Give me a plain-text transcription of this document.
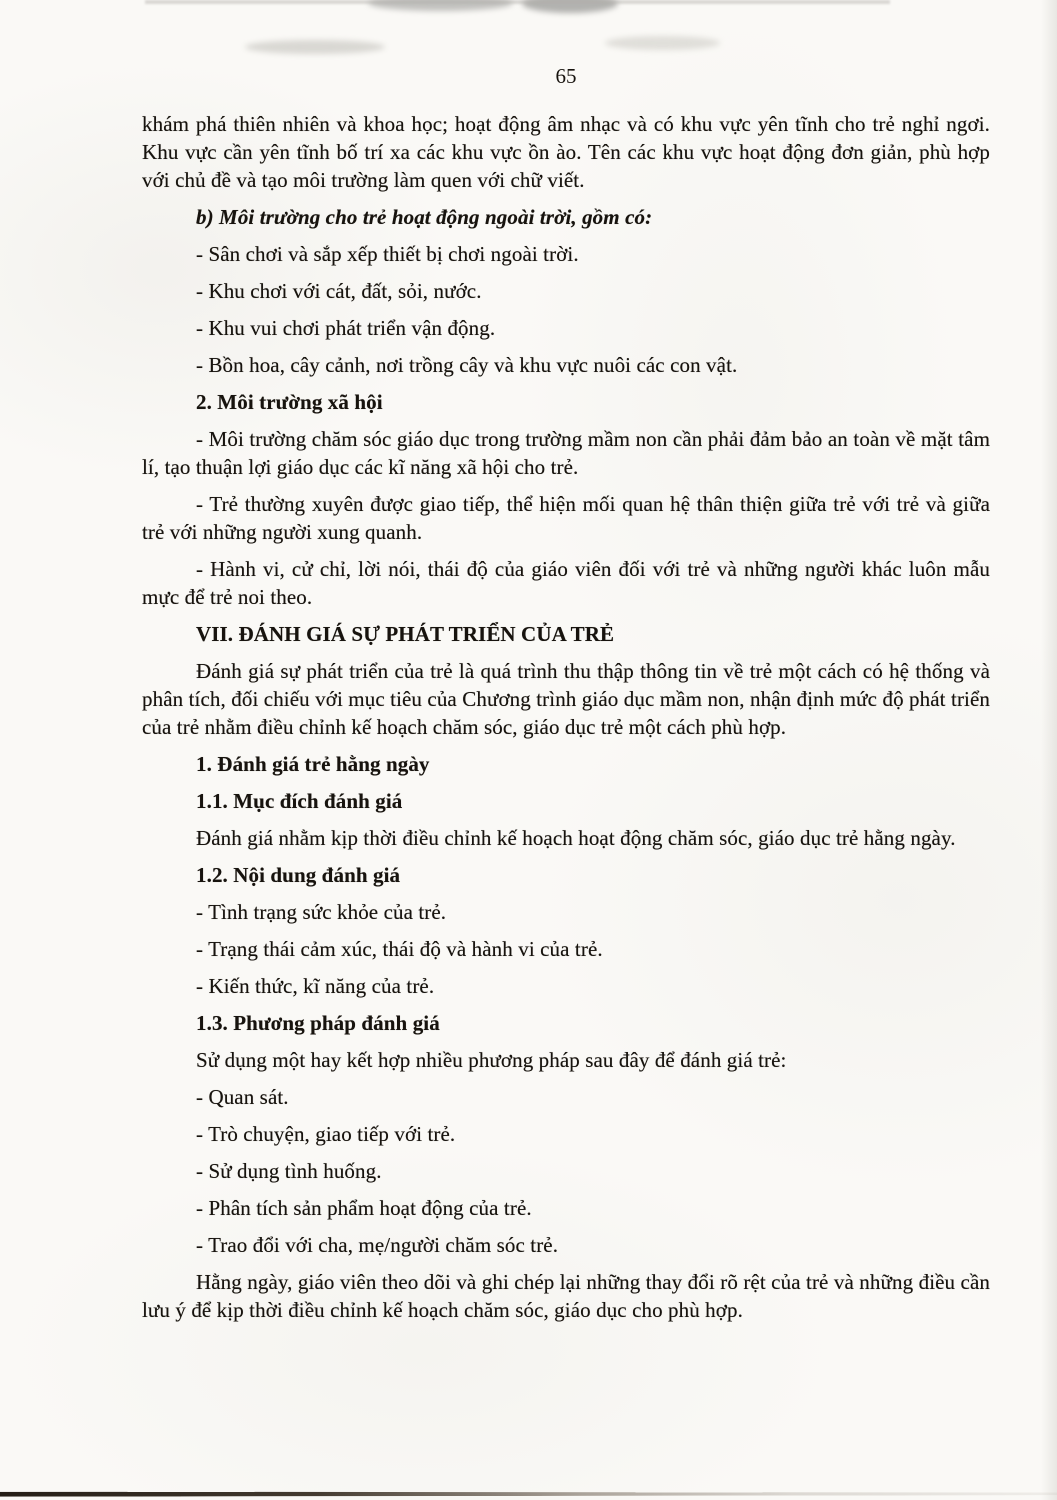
65
khám phá thiên nhiên và khoa học; hoạt động âm nhạc và có khu vực yên tĩnh cho trẻ nghỉ ngơi. Khu vực cần yên tĩnh bố trí xa các khu vực ồn ào. Tên các khu vực hoạt động đơn giản, phù hợp với chủ đề và tạo môi trường làm quen với chữ viết.
b) Môi trường cho trẻ hoạt động ngoài trời, gồm có:
- Sân chơi và sắp xếp thiết bị chơi ngoài trời.
- Khu chơi với cát, đất, sỏi, nước.
- Khu vui chơi phát triển vận động.
- Bồn hoa, cây cảnh, nơi trồng cây và khu vực nuôi các con vật.
2. Môi trường xã hội
- Môi trường chăm sóc giáo dục trong trường mầm non cần phải đảm bảo an toàn về mặt tâm lí, tạo thuận lợi giáo dục các kĩ năng xã hội cho trẻ.
- Trẻ thường xuyên được giao tiếp, thể hiện mối quan hệ thân thiện giữa trẻ với trẻ và giữa trẻ với những người xung quanh.
- Hành vi, cử chỉ, lời nói, thái độ của giáo viên đối với trẻ và những người khác luôn mẫu mực để trẻ noi theo.
VII. ĐÁNH GIÁ SỰ PHÁT TRIỂN CỦA TRẺ
Đánh giá sự phát triển của trẻ là quá trình thu thập thông tin về trẻ một cách có hệ thống và phân tích, đối chiếu với mục tiêu của Chương trình giáo dục mầm non, nhận định mức độ phát triển của trẻ nhằm điều chỉnh kế hoạch chăm sóc, giáo dục trẻ một cách phù hợp.
1. Đánh giá trẻ hằng ngày
1.1. Mục đích đánh giá
Đánh giá nhằm kịp thời điều chỉnh kế hoạch hoạt động chăm sóc, giáo dục trẻ hằng ngày.
1.2. Nội dung đánh giá
- Tình trạng sức khỏe của trẻ.
- Trạng thái cảm xúc, thái độ và hành vi của trẻ.
- Kiến thức, kĩ năng của trẻ.
1.3. Phương pháp đánh giá
Sử dụng một hay kết hợp nhiều phương pháp sau đây để đánh giá trẻ:
- Quan sát.
- Trò chuyện, giao tiếp với trẻ.
- Sử dụng tình huống.
- Phân tích sản phẩm hoạt động của trẻ.
- Trao đổi với cha, mẹ/người chăm sóc trẻ.
Hằng ngày, giáo viên theo dõi và ghi chép lại những thay đổi rõ rệt của trẻ và những điều cần lưu ý để kịp thời điều chỉnh kế hoạch chăm sóc, giáo dục cho phù hợp.
